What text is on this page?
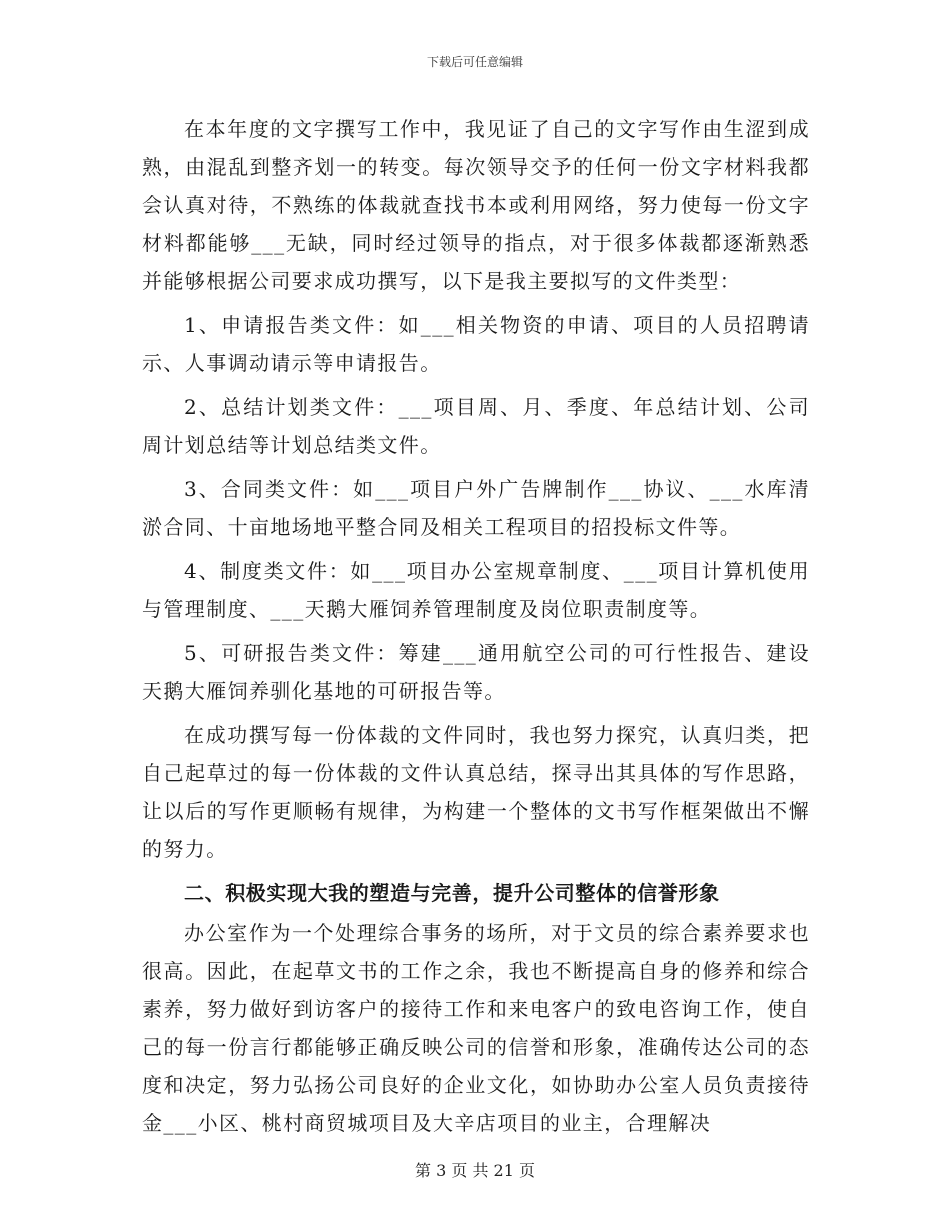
下载后可任意编辑

在本年度的文字撰写工作中，我见证了自己的文字写作由生涩到成熟，由混乱到整齐划一的转变。每次领导交予的任何一份文字材料我都会认真对待，不熟练的体裁就查找书本或利用网络，努力使每一份文字材料都能够___无缺，同时经过领导的指点，对于很多体裁都逐渐熟悉并能够根据公司要求成功撰写，以下是我主要拟写的文件类型：

1、申请报告类文件：如___相关物资的申请、项目的人员招聘请示、人事调动请示等申请报告。

2、总结计划类文件：___项目周、月、季度、年总结计划、公司周计划总结等计划总结类文件。

3、合同类文件：如___项目户外广告牌制作___协议、___水库清淤合同、十亩地场地平整合同及相关工程项目的招投标文件等。

4、制度类文件：如___项目办公室规章制度、___项目计算机使用与管理制度、___天鹅大雁饲养管理制度及岗位职责制度等。

5、可研报告类文件：筹建___通用航空公司的可行性报告、建设天鹅大雁饲养驯化基地的可研报告等。

在成功撰写每一份体裁的文件同时，我也努力探究，认真归类，把自己起草过的每一份体裁的文件认真总结，探寻出其具体的写作思路，让以后的写作更顺畅有规律，为构建一个整体的文书写作框架做出不懈的努力。

二、积极实现大我的塑造与完善，提升公司整体的信誉形象

办公室作为一个处理综合事务的场所，对于文员的综合素养要求也很高。因此，在起草文书的工作之余，我也不断提高自身的修养和综合素养，努力做好到访客户的接待工作和来电客户的致电咨询工作，使自己的每一份言行都能够正确反映公司的信誉和形象，准确传达公司的态度和决定，努力弘扬公司良好的企业文化，如协助办公室人员负责接待金___小区、桃村商贸城项目及大辛店项目的业主，合理解决

第 3 页 共 21 页
